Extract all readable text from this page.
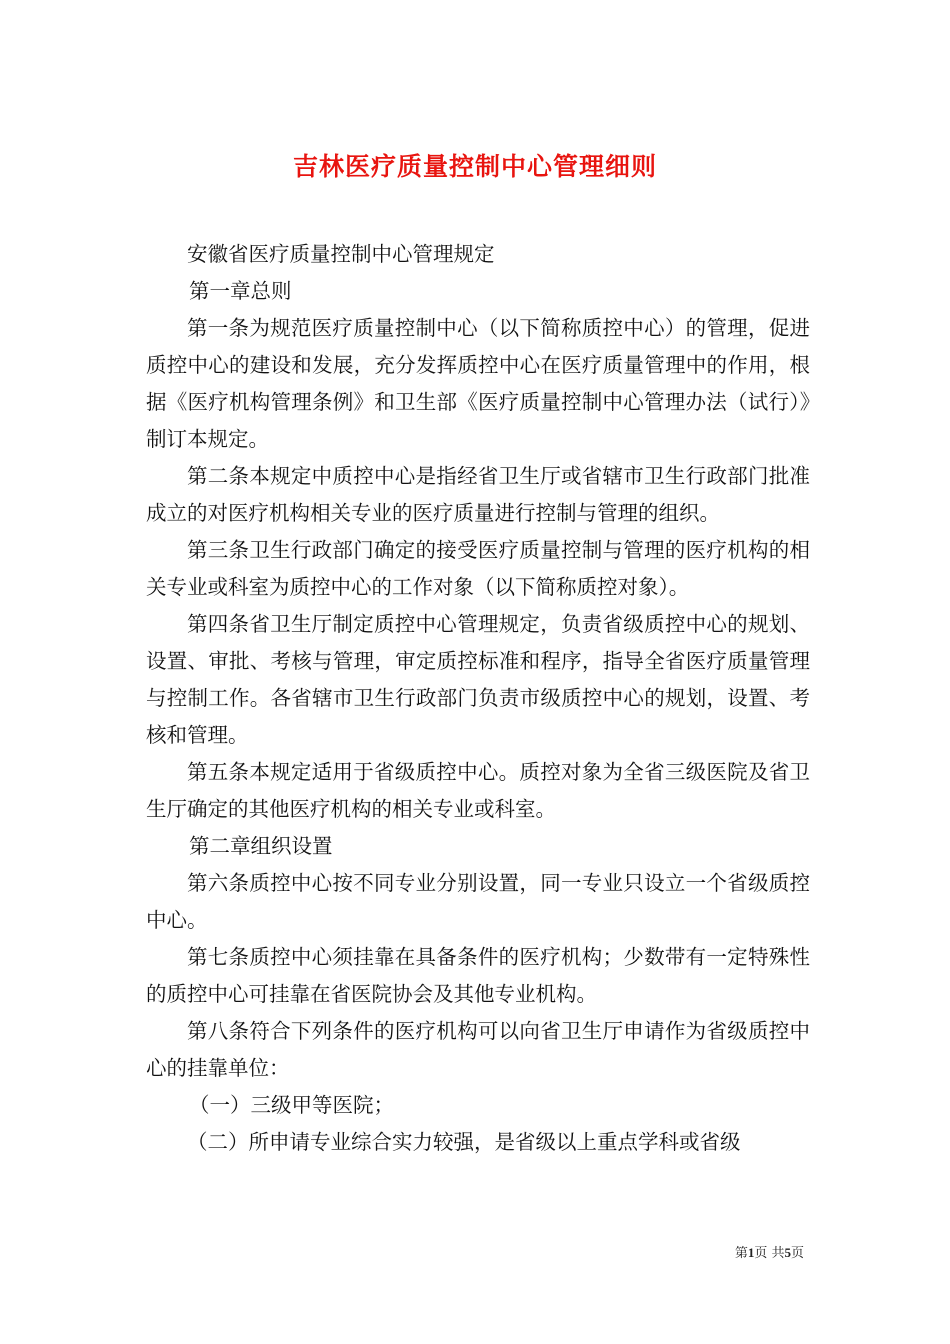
吉林医疗质量控制中心管理细则

安徽省医疗质量控制中心管理规定

第一章总则

第一条为规范医疗质量控制中心（以下简称质控中心）的管理，促进质控中心的建设和发展，充分发挥质控中心在医疗质量管理中的作用，根据《医疗机构管理条例》和卫生部《医疗质量控制中心管理办法（试行）》制订本规定。

第二条本规定中质控中心是指经省卫生厅或省辖市卫生行政部门批准成立的对医疗机构相关专业的医疗质量进行控制与管理的组织。

第三条卫生行政部门确定的接受医疗质量控制与管理的医疗机构的相关专业或科室为质控中心的工作对象（以下简称质控对象）。

第四条省卫生厅制定质控中心管理规定，负责省级质控中心的规划、设置、审批、考核与管理，审定质控标准和程序，指导全省医疗质量管理与控制工作。各省辖市卫生行政部门负责市级质控中心的规划，设置、考核和管理。

第五条本规定适用于省级质控中心。质控对象为全省三级医院及省卫生厅确定的其他医疗机构的相关专业或科室。

第二章组织设置

第六条质控中心按不同专业分别设置，同一专业只设立一个省级质控中心。

第七条质控中心须挂靠在具备条件的医疗机构；少数带有一定特殊性的质控中心可挂靠在省医院协会及其他专业机构。

第八条符合下列条件的医疗机构可以向省卫生厅申请作为省级质控中心的挂靠单位：

（一）三级甲等医院；

（二）所申请专业综合实力较强，是省级以上重点学科或省级

第1页 共5页
